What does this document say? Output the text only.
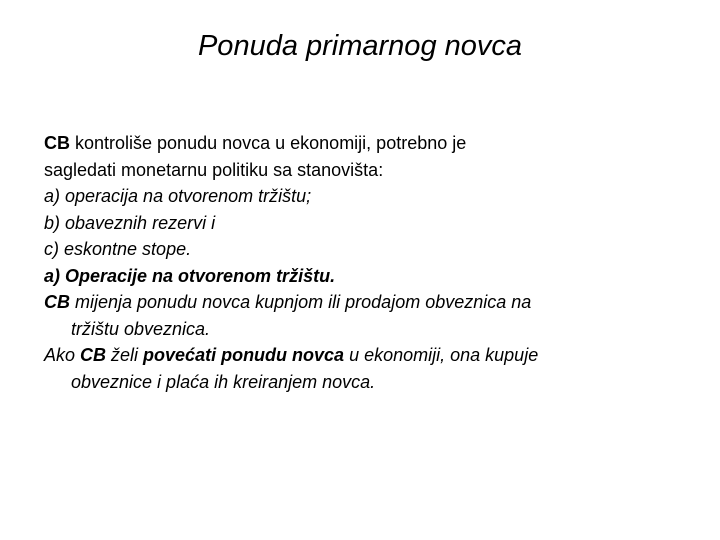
Ponuda primarnog novca
CB kontroliše ponudu novca u ekonomiji, potrebno je
sagledati monetarnu politiku sa stanovišta:
a) operacija na otvorenom tržištu;
b) obaveznih rezervi i
c) eskontne stope.
a) Operacije na otvorenom tržištu.
CB mijenja ponudu novca kupnjom ili prodajom obveznica na
tržištu obveznica.
Ako CB želi povećati ponudu novca u ekonomiji, ona kupuje
obveznice i plaća ih kreiranjem novca.
